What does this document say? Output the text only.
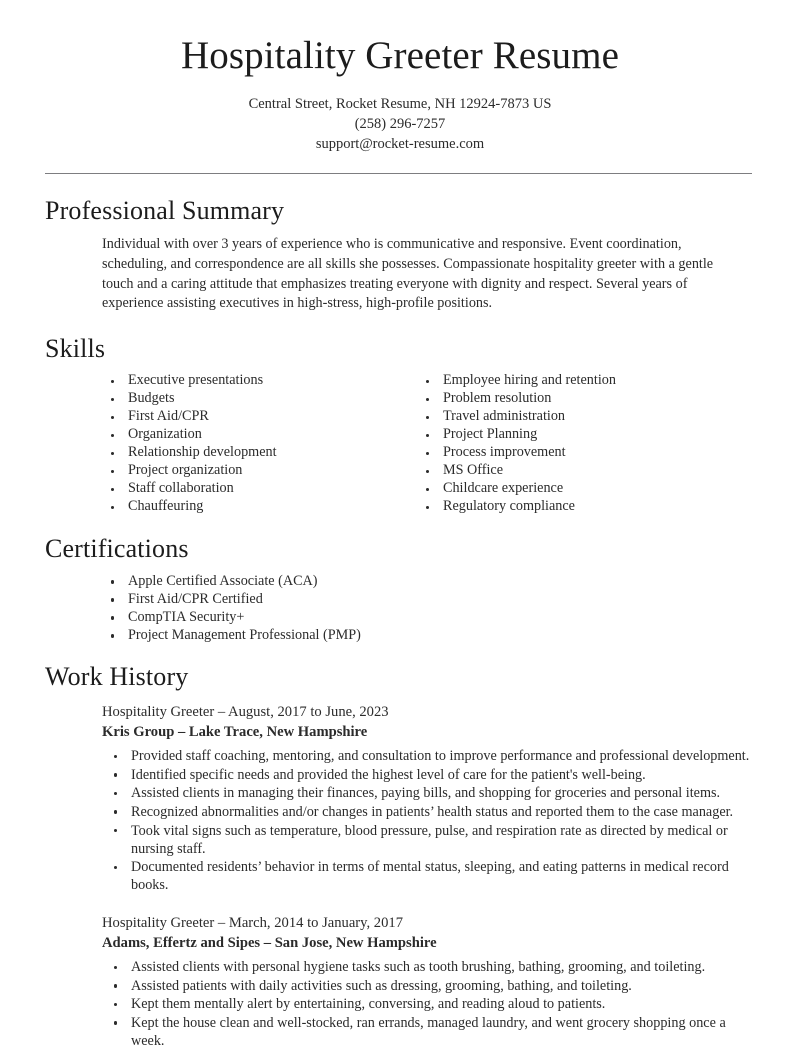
Hospitality Greeter Resume

Central Street, Rocket Resume, NH 12924-7873 US

(258) 296-7257

support@rocket-resume.com

Professional Summary

Individual with over 3 years of experience who is communicative and responsive. Event coordination, scheduling, and correspondence are all skills she possesses. Compassionate hospitality greeter with a gentle touch and a caring attitude that emphasizes treating everyone with dignity and respect. Several years of experience assisting executives in high-stress, high-profile positions.

Skills
Executive presentations
Budgets
First Aid/CPR
Organization
Relationship development
Project organization
Staff collaboration
Chauffeuring
Employee hiring and retention
Problem resolution
Travel administration
Project Planning
Process improvement
MS Office
Childcare experience
Regulatory compliance
Certifications
Apple Certified Associate (ACA)
First Aid/CPR Certified
CompTIA Security+
Project Management Professional (PMP)
Work History

Hospitality Greeter – August, 2017 to June, 2023

Kris Group – Lake Trace, New Hampshire

Provided staff coaching, mentoring, and consultation to improve performance and professional development.
Identified specific needs and provided the highest level of care for the patient's well-being.
Assisted clients in managing their finances, paying bills, and shopping for groceries and personal items.
Recognized abnormalities and/or changes in patients’ health status and reported them to the case manager.
Took vital signs such as temperature, blood pressure, pulse, and respiration rate as directed by medical or nursing staff.
Documented residents’ behavior in terms of mental status, sleeping, and eating patterns in medical record books.

Hospitality Greeter – March, 2014 to January, 2017

Adams, Effertz and Sipes – San Jose, New Hampshire

Assisted clients with personal hygiene tasks such as tooth brushing, bathing, grooming, and toileting.
Assisted patients with daily activities such as dressing, grooming, bathing, and toileting.
Kept them mentally alert by entertaining, conversing, and reading aloud to patients.
Kept the house clean and well-stocked, ran errands, managed laundry, and went grocery shopping once a week.
